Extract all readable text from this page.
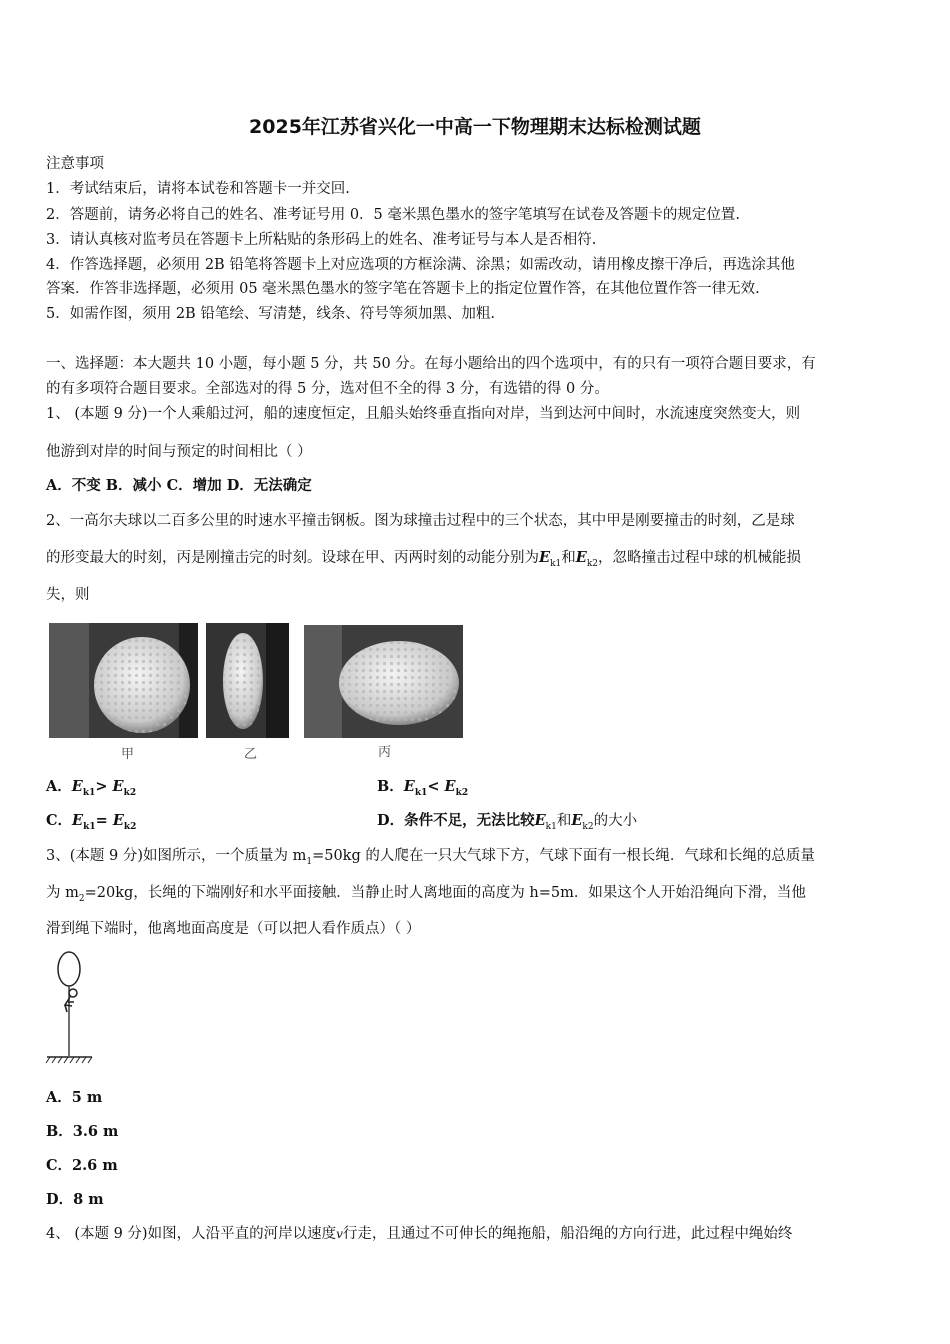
2025年江苏省兴化一中高一下物理期末达标检测试题
注意事项
1．考试结束后，请将本试卷和答题卡一并交回.
2．答题前，请务必将自己的姓名、准考证号用 0．5 毫米黑色墨水的签字笔填写在试卷及答题卡的规定位置.
3．请认真核对监考员在答题卡上所粘贴的条形码上的姓名、准考证号与本人是否相符.
4．作答选择题，必须用 2B 铅笔将答题卡上对应选项的方框涂满、涂黑；如需改动，请用橡皮擦干净后，再选涂其他
答案．作答非选择题，必须用 05 毫米黑色墨水的签字笔在答题卡上的指定位置作答，在其他位置作答一律无效.
5．如需作图，须用 2B 铅笔绘、写清楚，线条、符号等须加黑、加粗.
一、选择题：本大题共 10 小题，每小题 5 分，共 50 分。在每小题给出的四个选项中，有的只有一项符合题目要求，有
的有多项符合题目要求。全部选对的得 5 分，选对但不全的得 3 分，有选错的得 0 分。
1、 (本题 9 分)一个人乘船过河，船的速度恒定，且船头始终垂直指向对岸，当到达河中间时，水流速度突然变大，则
他游到对岸的时间与预定的时间相比（ ）
A．不变 B．减小 C．增加 D．无法确定
2、一高尔夫球以二百多公里的时速水平撞击钢板。图为球撞击过程中的三个状态，其中甲是刚要撞击的时刻，乙是球
的形变最大的时刻，丙是刚撞击完的时刻。设球在甲、丙两时刻的动能分别为$E_{k1}$和$E_{k2}$，忽略撞击过程中球的机械能损
失，则
甲	乙	丙
A．$E_{k1}> E_{k2}$	B．$E_{k1}< E_{k2}$
C．$E_{k1}= E_{k2}$	D．条件不足，无法比较$E_{k1}$和$E_{k2}$的大小
3、(本题 9 分)如图所示，一个质量为 $m_1=50kg$ 的人爬在一只大气球下方，气球下面有一根长绳．气球和长绳的总质量
为 $m_2=20kg$，长绳的下端刚好和水平面接触．当静止时人离地面的高度为 h=5m．如果这个人开始沿绳向下滑，当他
滑到绳下端时，他离地面高度是（可以把人看作质点）（ ）
A．5 m
B．3.6 m
C．2.6 m
D．8 m
4、 (本题 9 分)如图，人沿平直的河岸以速度v行走，且通过不可伸长的绳拖船，船沿绳的方向行进，此过程中绳始终
